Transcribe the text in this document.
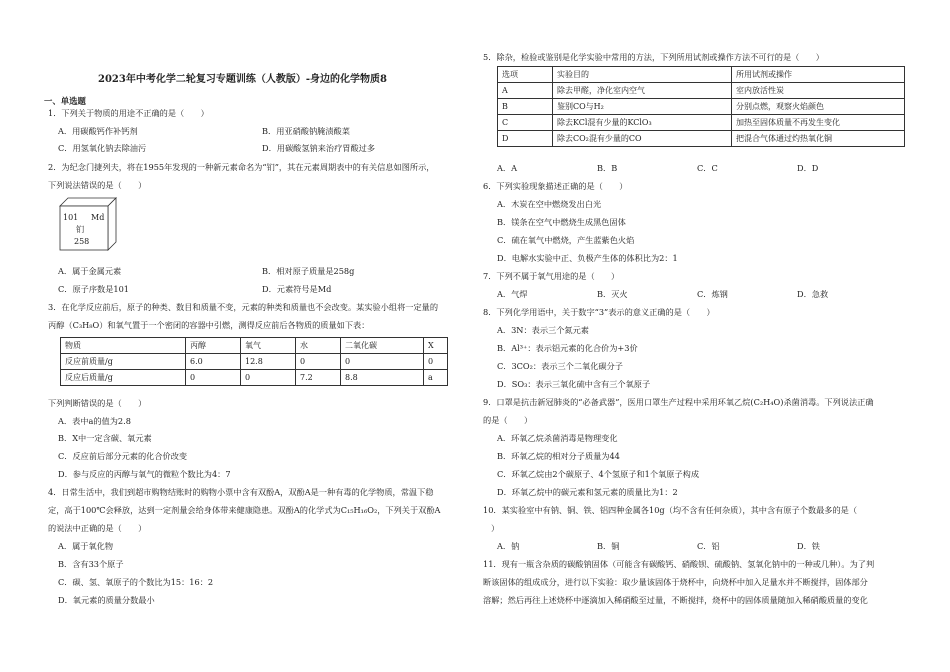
2023年中考化学二轮复习专题训练（人教版）-身边的化学物质8
一、单选题
1．下列关于物质的用途不正确的是（　　）
A．用碳酸钙作补钙剂	B．用亚硝酸钠腌渍酸菜
C．用氢氧化钠去除油污	D．用碳酸氢钠来治疗胃酸过多
2．为纪念门捷列夫，将在1955年发现的一种新元素命名为“钔”，其在元素周期表中的有关信息如图所示，
下列说法错误的是（　　）
101 Md
钔
258
A．属于金属元素	B．相对原子质量是258g
C．原子序数是101	D．元素符号是Md
3．在化学反应前后，原子的种类、数目和质量不变，元素的种类和质量也不会改变。某实验小组将一定量的
丙醇（C₃H₈O）和氧气置于一个密闭的容器中引燃，测得反应前后各物质的质量如下表：
物质	丙醇	氧气	水	二氧化碳	X
反应前质量/g	6.0	12.8	0	0	0
反应后质量/g	0	0	7.2	8.8	a
下列判断错误的是（　　）
A．表中a的值为2.8
B．X中一定含碳、氧元素
C．反应前后部分元素的化合价改变
D．参与反应的丙醇与氧气的微粒个数比为4：7
4．日常生活中，我们到超市购物结账时的购物小票中含有双酚A，双酚A是一种有毒的化学物质，常温下稳
定，高于100℃会释放，达到一定剂量会给身体带来健康隐患。双酚A的化学式为C₁₅H₁₆O₂，下列关于双酚A
的说法中正确的是（　　）
A．属于氧化物
B．含有33个原子
C．碳、氢、氧原子的个数比为15：16：2
D．氧元素的质量分数最小
5．除杂，检验或鉴别是化学实验中常用的方法，下列所用试剂或操作方法不可行的是（　　）
选项	实验目的	所用试剂或操作
A	除去甲醛，净化室内空气	室内放活性炭
B	鉴别CO与H₂	分别点燃，观察火焰颜色
C	除去KCl混有少量的KClO₃	加热至固体质量不再发生变化
D	除去CO₂混有少量的CO	把混合气体通过灼热氧化铜
A．A	B．B	C．C	D．D
6．下列实验现象描述正确的是（　　）
A．木炭在空中燃烧发出白光
B．镁条在空气中燃烧生成黑色固体
C．硫在氧气中燃烧，产生蓝紫色火焰
D．电解水实验中正、负极产生体的体积比为2：1
7．下列不属于氧气用途的是（　　）
A．气焊	B．灭火	C．炼钢	D．急救
8．下列化学用语中，关于数字“3”表示的意义正确的是（　　）
A．3N：表示三个氮元素
B．Al³⁺：表示铝元素的化合价为+3价
C．3CO₂：表示三个二氧化碳分子
D．SO₃：表示三氧化硫中含有三个氧原子
9．口罩是抗击新冠肺炎的“必备武器”，医用口罩生产过程中采用环氧乙烷(C₂H₄O)杀菌消毒。下列说法正确
的是（　　）
A．环氧乙烷杀菌消毒是物理变化
B．环氧乙烷的相对分子质量为44
C．环氧乙烷由2个碳原子、4个氢原子和1个氧原子构成
D．环氧乙烷中的碳元素和氢元素的质量比为1：2
10．某实验室中有钠、铜、铁、铝四种金属各10g（均不含有任何杂质），其中含有原子个数最多的是（
）
A．钠	B．铜	C．铝	D．铁
11．现有一瓶含杂质的碳酸钠固体（可能含有碳酸钙、硝酸钡、硫酸钠、氢氧化钠中的一种或几种）。为了判
断该固体的组成成分，进行以下实验：取少量该固体于烧杯中，向烧杯中加入足量水并不断搅拌，固体部分
溶解；然后再往上述烧杯中逐滴加入稀硝酸至过量，不断搅拌，烧杯中的固体质量随加入稀硝酸质量的变化
